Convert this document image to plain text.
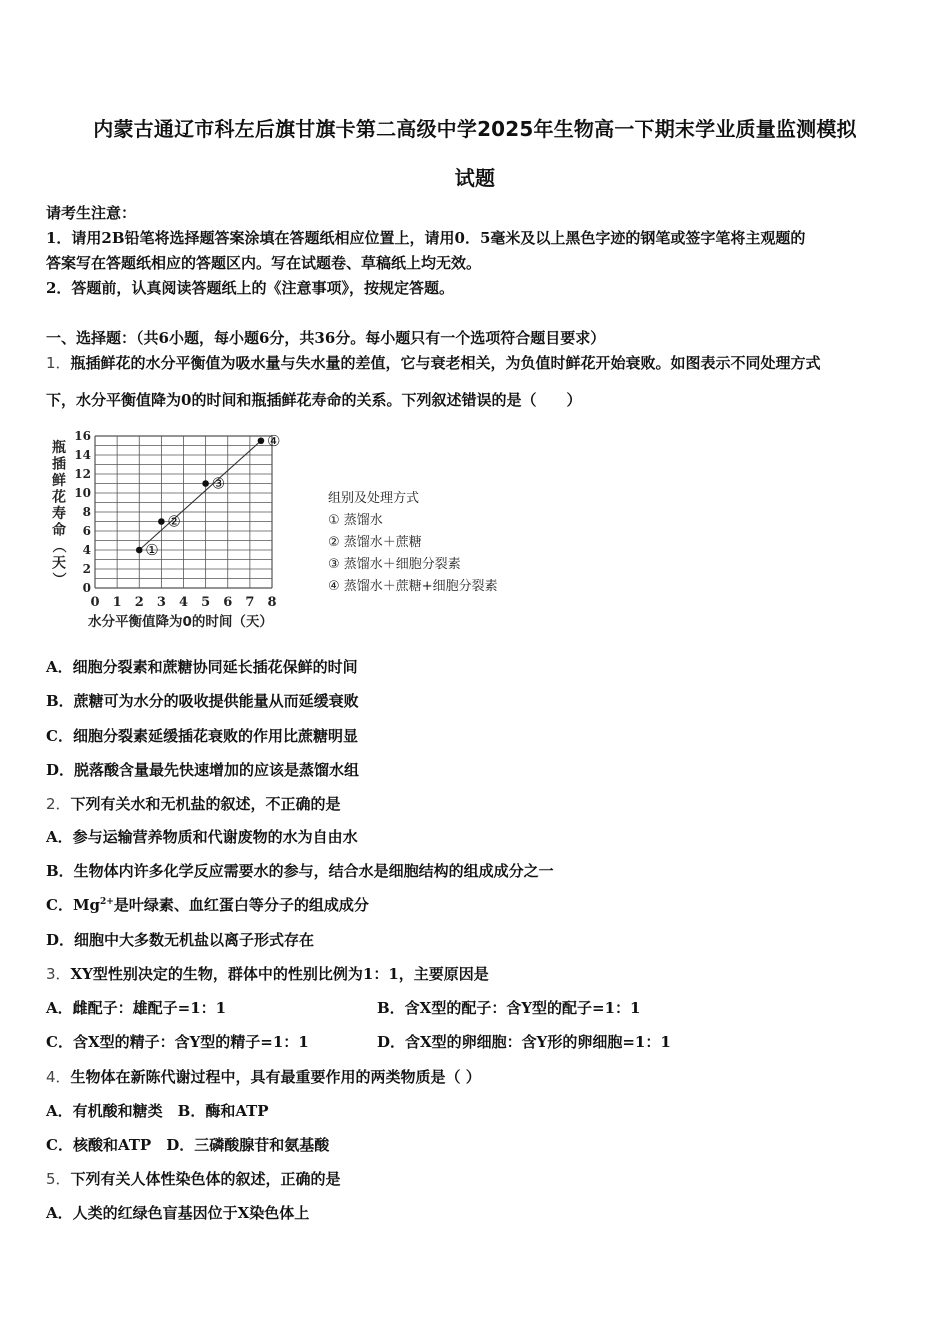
内蒙古通辽市科左后旗甘旗卡第二高级中学2025年生物高一下期末学业质量监测模拟
试题
请考生注意：
1．请用2B铅笔将选择题答案涂填在答题纸相应位置上，请用0．5毫米及以上黑色字迹的钢笔或签字笔将主观题的
答案写在答题纸相应的答题区内。写在试题卷、草稿纸上均无效。
2．答题前，认真阅读答题纸上的《注意事项》，按规定答题。
一、选择题：（共6小题，每小题6分，共36分。每小题只有一个选项符合题目要求）
1．瓶插鲜花的水分平衡值为吸水量与失水量的差值，它与衰老相关，为负值时鲜花开始衰败。如图表示不同处理方式
下，水分平衡值降为0的时间和瓶插鲜花寿命的关系。下列叙述错误的是（　　）
瓶
插
鲜
花
寿
命
（
天
）
0 1 2 3 4 5 6 7 8
0
2
4
6
8
10
12
14
16
①
②
③
④
水分平衡值降为0的时间（天）
组别及处理方式
① 蒸馏水
② 蒸馏水＋蔗糖
③ 蒸馏水＋细胞分裂素
④ 蒸馏水＋蔗糖+细胞分裂素
A．细胞分裂素和蔗糖协同延长插花保鲜的时间
B．蔗糖可为水分的吸收提供能量从而延缓衰败
C．细胞分裂素延缓插花衰败的作用比蔗糖明显
D．脱落酸含量最先快速增加的应该是蒸馏水组
2．下列有关水和无机盐的叙述，不正确的是
A．参与运输营养物质和代谢废物的水为自由水
B．生物体内许多化学反应需要水的参与，结合水是细胞结构的组成成分之一
C．$Mg^{2+}$是叶绿素、血红蛋白等分子的组成成分
D．细胞中大多数无机盐以离子形式存在
3．XY型性别决定的生物，群体中的性别比例为1：1，主要原因是
A．雌配子：雄配子=1：1	B．含X型的配子：含Y型的配子=1：1
C．含X型的精子：含Y型的精子=1：1	D．含X型的卵细胞：含Y形的卵细胞=1：1
4．生物体在新陈代谢过程中，具有最重要作用的两类物质是（ ）
A．有机酸和糖类　B．酶和ATP
C．核酸和ATP　D．三磷酸腺苷和氨基酸
5．下列有关人体性染色体的叙述，正确的是
A．人类的红绿色盲基因位于X染色体上
